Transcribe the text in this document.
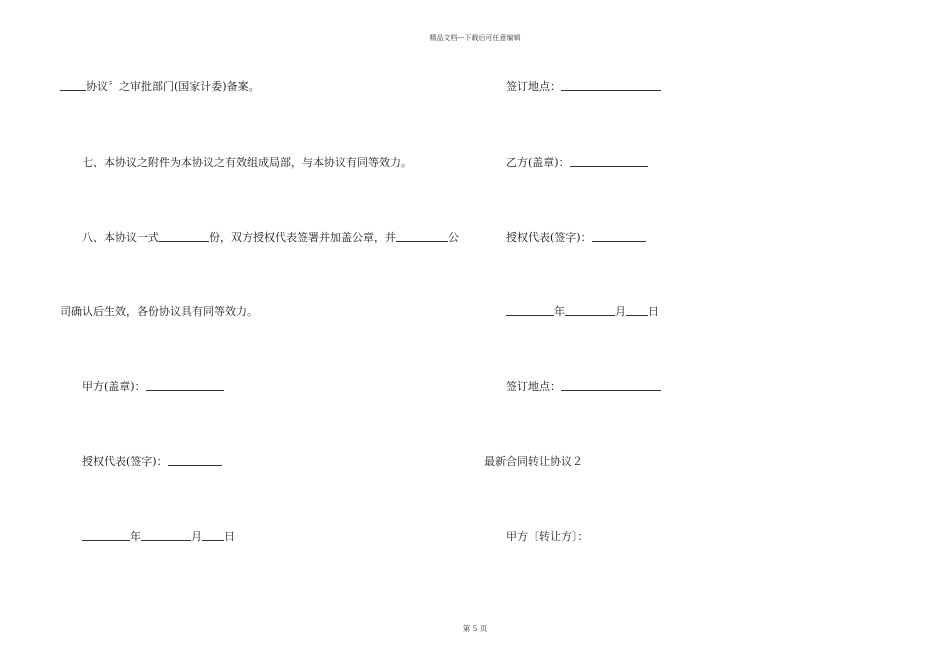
精品文档---下载后可任意编辑
协议〞之审批部门(国家计委)备案。
七、本协议之附件为本协议之有效组成局部，与本协议有同等效力。
八、本协议一式	份，双方授权代表签署并加盖公章，并	公
司确认后生效，各份协议具有同等效力。
甲方(盖章)：
授权代表(签字)：
年	月 日
签订地点：
乙方(盖章)：
授权代表(签字)：
年	月 日
签订地点：
最新合同转让协议２
甲方〔转让方〕：
第 5 页
